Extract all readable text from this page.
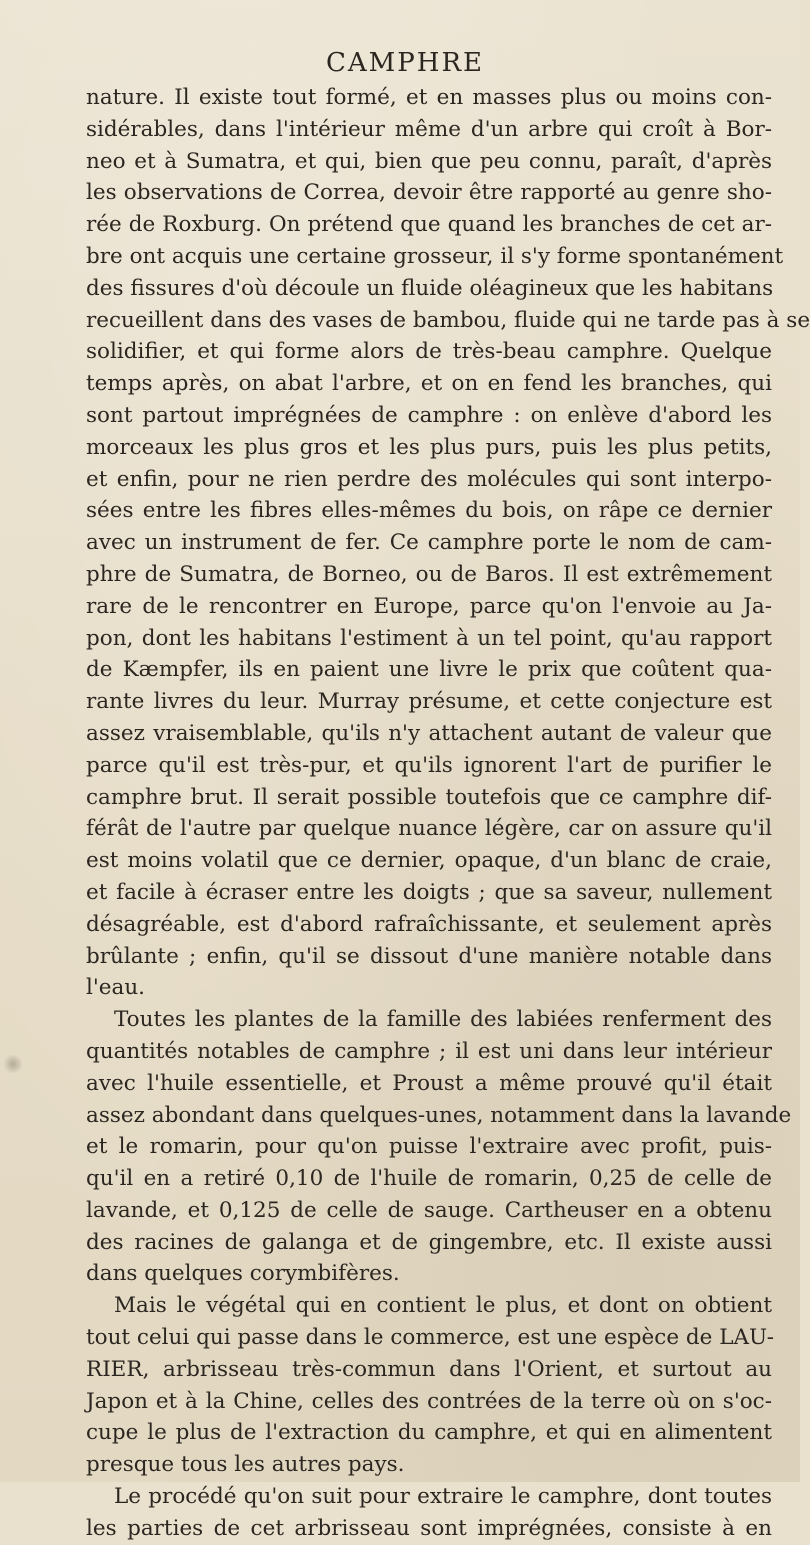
CAMPHRE
nature. Il existe tout formé, et en masses plus ou moins con-
sidérables, dans l'intérieur même d'un arbre qui croît à Bor-
neo et à Sumatra, et qui, bien que peu connu, paraît, d'après
les observations de Correa, devoir être rapporté au genre sho-
rée de Roxburg. On prétend que quand les branches de cet ar-
bre ont acquis une certaine grosseur, il s'y forme spontanément
des fissures d'où découle un fluide oléagineux que les habitans
recueillent dans des vases de bambou, fluide qui ne tarde pas à se
solidifier, et qui forme alors de très-beau camphre. Quelque
temps après, on abat l'arbre, et on en fend les branches, qui
sont partout imprégnées de camphre : on enlève d'abord les
morceaux les plus gros et les plus purs, puis les plus petits,
et enfin, pour ne rien perdre des molécules qui sont interpo-
sées entre les fibres elles-mêmes du bois, on râpe ce dernier
avec un instrument de fer. Ce camphre porte le nom de cam-
phre de Sumatra, de Borneo, ou de Baros. Il est extrêmement
rare de le rencontrer en Europe, parce qu'on l'envoie au Ja-
pon, dont les habitans l'estiment à un tel point, qu'au rapport
de Kæmpfer, ils en paient une livre le prix que coûtent qua-
rante livres du leur. Murray présume, et cette conjecture est
assez vraisemblable, qu'ils n'y attachent autant de valeur que
parce qu'il est très-pur, et qu'ils ignorent l'art de purifier le
camphre brut. Il serait possible toutefois que ce camphre dif-
férât de l'autre par quelque nuance légère, car on assure qu'il
est moins volatil que ce dernier, opaque, d'un blanc de craie,
et facile à écraser entre les doigts ; que sa saveur, nullement
désagréable, est d'abord rafraîchissante, et seulement après
brûlante ; enfin, qu'il se dissout d'une manière notable dans
l'eau.
Toutes les plantes de la famille des labiées renferment des
quantités notables de camphre ; il est uni dans leur intérieur
avec l'huile essentielle, et Proust a même prouvé qu'il était
assez abondant dans quelques-unes, notamment dans la lavande
et le romarin, pour qu'on puisse l'extraire avec profit, puis-
qu'il en a retiré 0,10 de l'huile de romarin, 0,25 de celle de
lavande, et 0,125 de celle de sauge. Cartheuser en a obtenu
des racines de galanga et de gingembre, etc. Il existe aussi
dans quelques corymbifères.
Mais le végétal qui en contient le plus, et dont on obtient
tout celui qui passe dans le commerce, est une espèce de LAU-
RIER, arbrisseau très-commun dans l'Orient, et surtout au
Japon et à la Chine, celles des contrées de la terre où on s'oc-
cupe le plus de l'extraction du camphre, et qui en alimentent
presque tous les autres pays.
Le procédé qu'on suit pour extraire le camphre, dont toutes
les parties de cet arbrisseau sont imprégnées, consiste à en
